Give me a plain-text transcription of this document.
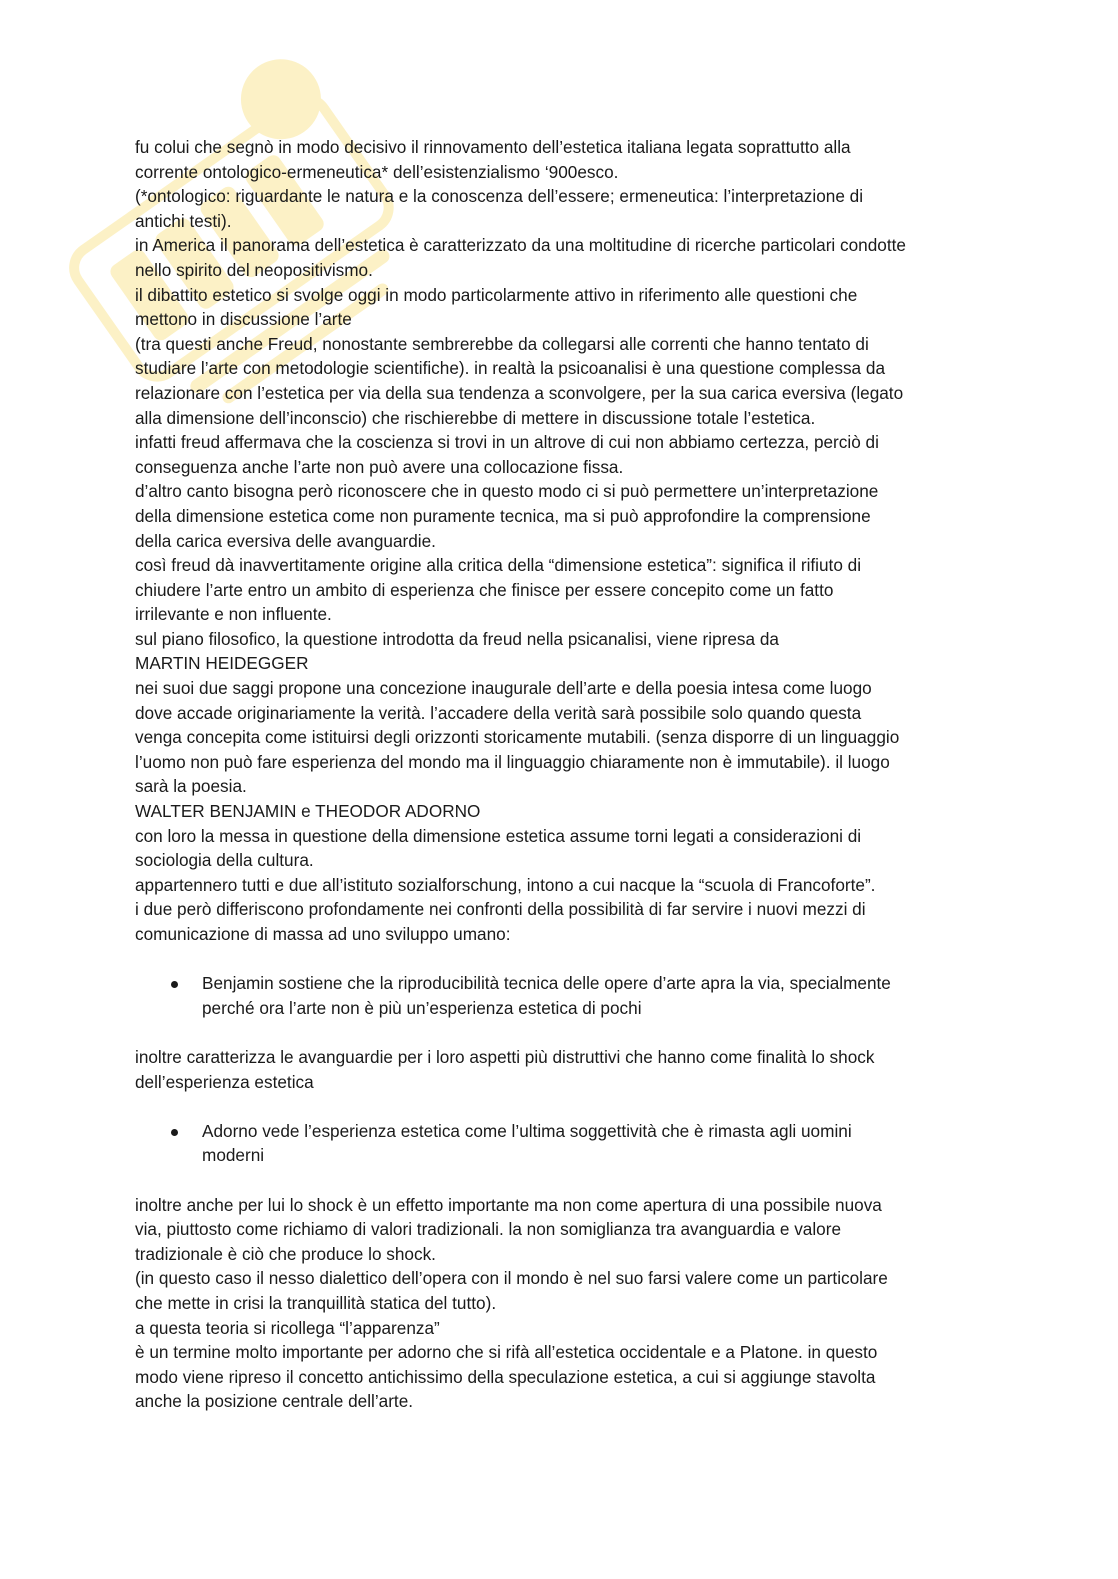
fu colui che segnò in modo decisivo il rinnovamento dell’estetica italiana legata soprattutto alla

corrente ontologico-ermeneutica* dell’esistenzialismo ‘900esco.

(*ontologico: riguardante le natura e la conoscenza dell’essere; ermeneutica: l’interpretazione di

antichi testi).

in America il panorama dell’estetica è caratterizzato da una moltitudine di ricerche particolari condotte

nello spirito del neopositivismo.

il dibattito estetico si svolge oggi in modo particolarmente attivo in riferimento alle questioni che

mettono in discussione l’arte

(tra questi anche Freud, nonostante sembrerebbe da collegarsi alle correnti che hanno tentato di

studiare l’arte con metodologie scientifiche). in realtà la psicoanalisi è una questione complessa da

relazionare con l’estetica per via della sua tendenza a sconvolgere, per la sua carica eversiva (legato

alla dimensione dell’inconscio) che rischierebbe di mettere in discussione totale l’estetica.

infatti freud affermava che la coscienza si trovi in un altrove di cui non abbiamo certezza, perciò di

conseguenza anche l’arte non può avere una collocazione fissa.

d’altro canto bisogna però riconoscere che in questo modo ci si può permettere un’interpretazione

della dimensione estetica come non puramente tecnica, ma si può approfondire la comprensione

della carica eversiva delle avanguardie.

così freud dà inavvertitamente origine alla critica della “dimensione estetica”: significa il rifiuto di

chiudere l’arte entro un ambito di esperienza che finisce per essere concepito come un fatto

irrilevante e non influente.

sul piano filosofico, la questione introdotta da freud nella psicanalisi, viene ripresa da

MARTIN HEIDEGGER

nei suoi due saggi propone una concezione inaugurale dell’arte e della poesia intesa come luogo

dove accade originariamente la verità. l’accadere della verità sarà possibile solo quando questa

venga concepita come istituirsi degli orizzonti storicamente mutabili. (senza disporre di un linguaggio

l’uomo non può fare esperienza del mondo ma il linguaggio chiaramente non è immutabile). il luogo

sarà la poesia.

WALTER BENJAMIN e THEODOR ADORNO

con loro la messa in questione della dimensione estetica assume torni legati a considerazioni di

sociologia della cultura.

appartennero tutti e due all’istituto sozialforschung, intono a cui nacque la “scuola di Francoforte”.

i due però differiscono profondamente nei confronti della possibilità di far servire i nuovi mezzi di

comunicazione di massa ad uno sviluppo umano:

Benjamin sostiene che la riproducibilità tecnica delle opere d’arte apra la via, specialmente

perché ora l’arte non è più un’esperienza estetica di pochi

inoltre caratterizza le avanguardie per i loro aspetti più distruttivi che hanno come finalità lo shock

dell’esperienza estetica

Adorno vede l’esperienza estetica come l’ultima soggettività che è rimasta agli uomini

moderni

inoltre anche per lui lo shock è un effetto importante ma non come apertura di una possibile nuova

via, piuttosto come richiamo di valori tradizionali. la non somiglianza tra avanguardia e valore

tradizionale è ciò che produce lo shock.

(in questo caso il nesso dialettico dell’opera con il mondo è nel suo farsi valere come un particolare

che mette in crisi la tranquillità statica del tutto).

a questa teoria si ricollega “l’apparenza”

è un termine molto importante per adorno che si rifà all’estetica occidentale e a Platone. in questo

modo viene ripreso il concetto antichissimo della speculazione estetica, a cui si aggiunge stavolta

anche la posizione centrale dell’arte.
